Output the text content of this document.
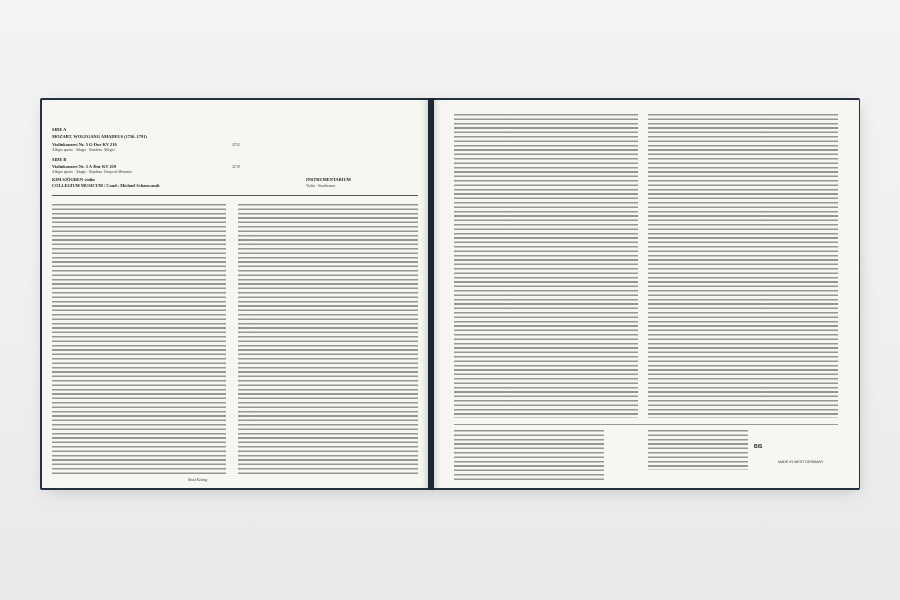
SIDE A
MOZART, WOLFGANG AMADEUS (1756–1791)
Violinkonzert Nr. 5 G-Dur KV 216	25'32
Allegro aperto · Adagio · Rondeau. Allegro
SIDE B
Violinkonzert Nr. 5 A-Dur KV 219	32'19
Allegro aperto · Adagio · Rondeau. Tempo di Menuetto
KIM SJÖGREN violin
COLLEGIUM MUSICUM / Cond.: Michael Schønwandt
INSTRUMENTARIUM
Violin · Stradivarius
Knud Ketting
BIS
MADE IN WEST GERMANY
